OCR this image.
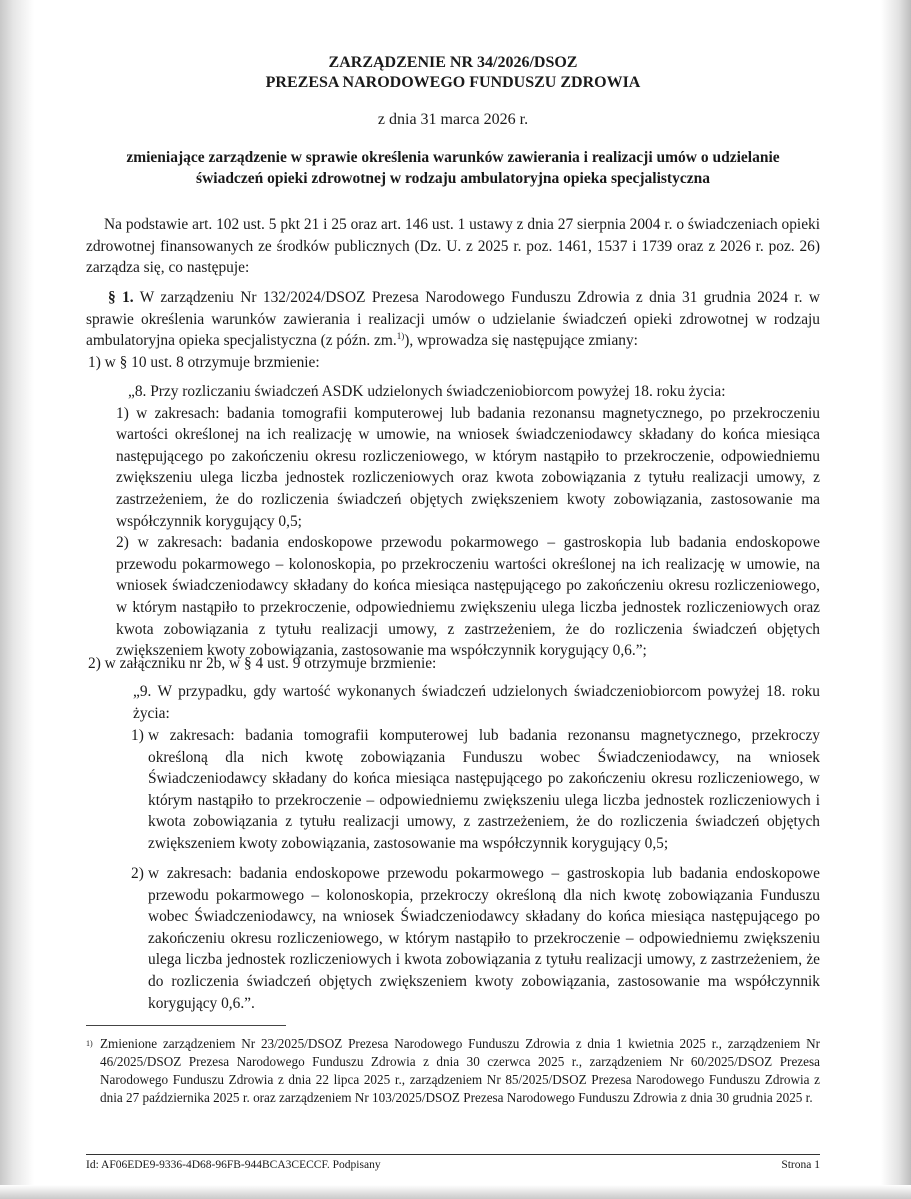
ZARZĄDZENIE NR 34/2026/DSOZ
PREZESA NARODOWEGO FUNDUSZU ZDROWIA
z dnia 31 marca 2026 r.
zmieniające zarządzenie w sprawie określenia warunków zawierania i realizacji umów o udzielanie świadczeń opieki zdrowotnej w rodzaju ambulatoryjna opieka specjalistyczna
Na podstawie art. 102 ust. 5 pkt 21 i 25 oraz art. 146 ust. 1 ustawy z dnia 27 sierpnia 2004 r. o świadczeniach opieki zdrowotnej finansowanych ze środków publicznych (Dz. U. z 2025 r. poz. 1461, 1537 i 1739 oraz z 2026 r. poz. 26) zarządza się, co następuje:
§ 1. W zarządzeniu Nr 132/2024/DSOZ Prezesa Narodowego Funduszu Zdrowia z dnia 31 grudnia 2024 r. w sprawie określenia warunków zawierania i realizacji umów o udzielanie świadczeń opieki zdrowotnej w rodzaju ambulatoryjna opieka specjalistyczna (z późn. zm.$^{1)}$), wprowadza się następujące zmiany:
1) w § 10 ust. 8 otrzymuje brzmienie:
„8. Przy rozliczaniu świadczeń ASDK udzielonych świadczeniobiorcom powyżej 18. roku życia:
1) w zakresach: badania tomografii komputerowej lub badania rezonansu magnetycznego, po przekroczeniu wartości określonej na ich realizację w umowie, na wniosek świadczeniodawcy składany do końca miesiąca następującego po zakończeniu okresu rozliczeniowego, w którym nastąpiło to przekroczenie, odpowiedniemu zwiększeniu ulega liczba jednostek rozliczeniowych oraz kwota zobowiązania z tytułu realizacji umowy, z zastrzeżeniem, że do rozliczenia świadczeń objętych zwiększeniem kwoty zobowiązania, zastosowanie ma współczynnik korygujący 0,5;
2) w zakresach: badania endoskopowe przewodu pokarmowego – gastroskopia lub badania endoskopowe przewodu pokarmowego – kolonoskopia, po przekroczeniu wartości określonej na ich realizację w umowie, na wniosek świadczeniodawcy składany do końca miesiąca następującego po zakończeniu okresu rozliczeniowego, w którym nastąpiło to przekroczenie, odpowiedniemu zwiększeniu ulega liczba jednostek rozliczeniowych oraz kwota zobowiązania z tytułu realizacji umowy, z zastrzeżeniem, że do rozliczenia świadczeń objętych zwiększeniem kwoty zobowiązania, zastosowanie ma współczynnik korygujący 0,6.”;
2) w załączniku nr 2b, w § 4 ust. 9 otrzymuje brzmienie:
„9. W przypadku, gdy wartość wykonanych świadczeń udzielonych świadczeniobiorcom powyżej 18. roku życia:
1) w zakresach: badania tomografii komputerowej lub badania rezonansu magnetycznego, przekroczy określoną dla nich kwotę zobowiązania Funduszu wobec Świadczeniodawcy, na wniosek Świadczeniodawcy składany do końca miesiąca następującego po zakończeniu okresu rozliczeniowego, w którym nastąpiło to przekroczenie – odpowiedniemu zwiększeniu ulega liczba jednostek rozliczeniowych i kwota zobowiązania z tytułu realizacji umowy, z zastrzeżeniem, że do rozliczenia świadczeń objętych zwiększeniem kwoty zobowiązania, zastosowanie ma współczynnik korygujący 0,5;
2) w zakresach: badania endoskopowe przewodu pokarmowego – gastroskopia lub badania endoskopowe przewodu pokarmowego – kolonoskopia, przekroczy określoną dla nich kwotę zobowiązania Funduszu wobec Świadczeniodawcy, na wniosek Świadczeniodawcy składany do końca miesiąca następującego po zakończeniu okresu rozliczeniowego, w którym nastąpiło to przekroczenie – odpowiedniemu zwiększeniu ulega liczba jednostek rozliczeniowych i kwota zobowiązania z tytułu realizacji umowy, z zastrzeżeniem, że do rozliczenia świadczeń objętych zwiększeniem kwoty zobowiązania, zastosowanie ma współczynnik korygujący 0,6.”.
1) Zmienione zarządzeniem Nr 23/2025/DSOZ Prezesa Narodowego Funduszu Zdrowia z dnia 1 kwietnia 2025 r., zarządzeniem Nr 46/2025/DSOZ Prezesa Narodowego Funduszu Zdrowia z dnia 30 czerwca 2025 r., zarządzeniem Nr 60/2025/DSOZ Prezesa Narodowego Funduszu Zdrowia z dnia 22 lipca 2025 r., zarządzeniem Nr 85/2025/DSOZ Prezesa Narodowego Funduszu Zdrowia z dnia 27 października 2025 r. oraz zarządzeniem Nr 103/2025/DSOZ Prezesa Narodowego Funduszu Zdrowia z dnia 30 grudnia 2025 r.
Id: AF06EDE9-9336-4D68-96FB-944BCA3CECCF. Podpisany	Strona 1
